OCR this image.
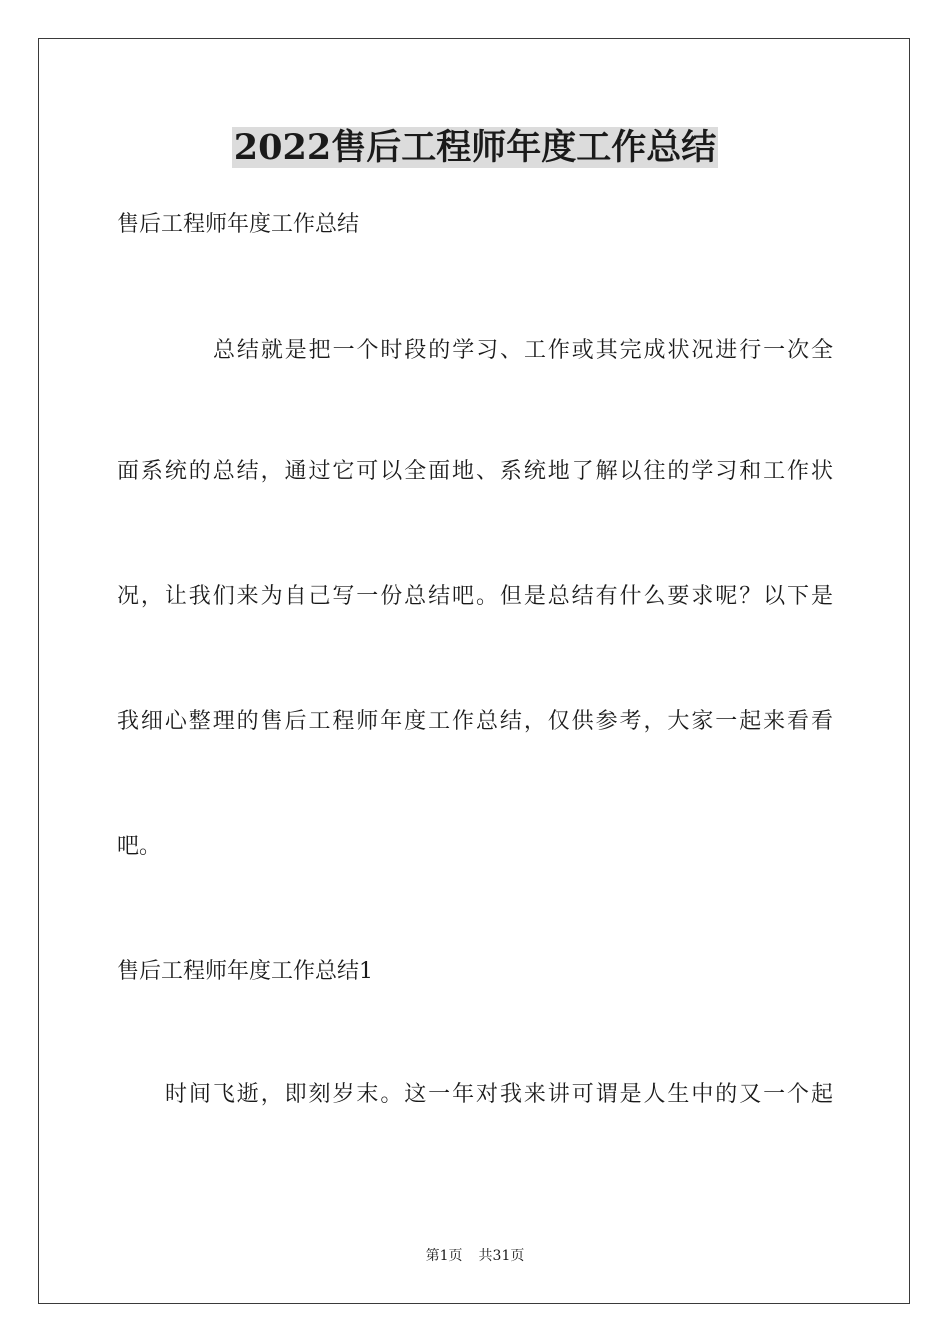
2022售后工程师年度工作总结
售后工程师年度工作总结
总结就是把一个时段的学习、工作或其完成状况进行一次全
面系统的总结，通过它可以全面地、系统地了解以往的学习和工作状
况，让我们来为自己写一份总结吧。但是总结有什么要求呢？以下是
我细心整理的售后工程师年度工作总结，仅供参考，大家一起来看看
吧。
售后工程师年度工作总结1
时间飞逝，即刻岁末。这一年对我来讲可谓是人生中的又一个起
第1页 共31页
